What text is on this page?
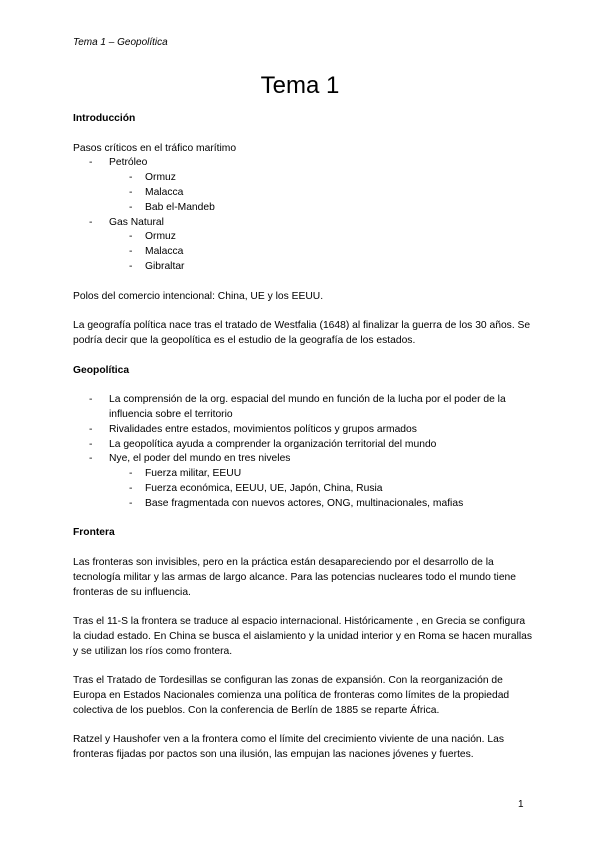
Tema 1 – Geopolítica
Tema 1

Introducción

Pasos críticos en el tráfico marítimo

- Petróleo
- Ormuz
- Malacca
- Bab el-Mandeb
- Gas Natural
- Ormuz
- Malacca
- Gibraltar

Polos del comercio intencional: China, UE y los EEUU.

La geografía política nace tras el tratado de Westfalia (1648) al finalizar la guerra de los 30 años. Se podría decir que la geopolítica es el estudio de la geografía de los estados.

Geopolítica

- La comprensión de la org. espacial del mundo en función de la lucha por el poder de la influencia sobre el territorio
- Rivalidades entre estados, movimientos políticos y grupos armados
- La geopolítica ayuda a comprender la organización territorial del mundo
- Nye, el poder del mundo en tres niveles
- Fuerza militar, EEUU
- Fuerza económica, EEUU, UE, Japón, China, Rusia
- Base fragmentada con nuevos actores, ONG, multinacionales, mafias

Frontera

Las fronteras son invisibles, pero en la práctica están desapareciendo por el desarrollo de la tecnología militar y las armas de largo alcance. Para las potencias nucleares todo el mundo tiene fronteras de su influencia.

Tras el 11-S la frontera se traduce al espacio internacional. Históricamente , en Grecia se configura la ciudad estado. En China se busca el aislamiento y la unidad interior y en Roma se hacen murallas y se utilizan los ríos como frontera.

Tras el Tratado de Tordesillas se configuran las zonas de expansión. Con la reorganización de Europa en Estados Nacionales comienza una política de fronteras como límites de la propiedad colectiva de los pueblos. Con la conferencia de Berlín de 1885 se reparte África.

Ratzel y Haushofer ven a la frontera como el límite del crecimiento viviente de una nación. Las fronteras fijadas por pactos son una ilusión, las empujan las naciones jóvenes y fuertes.

1
